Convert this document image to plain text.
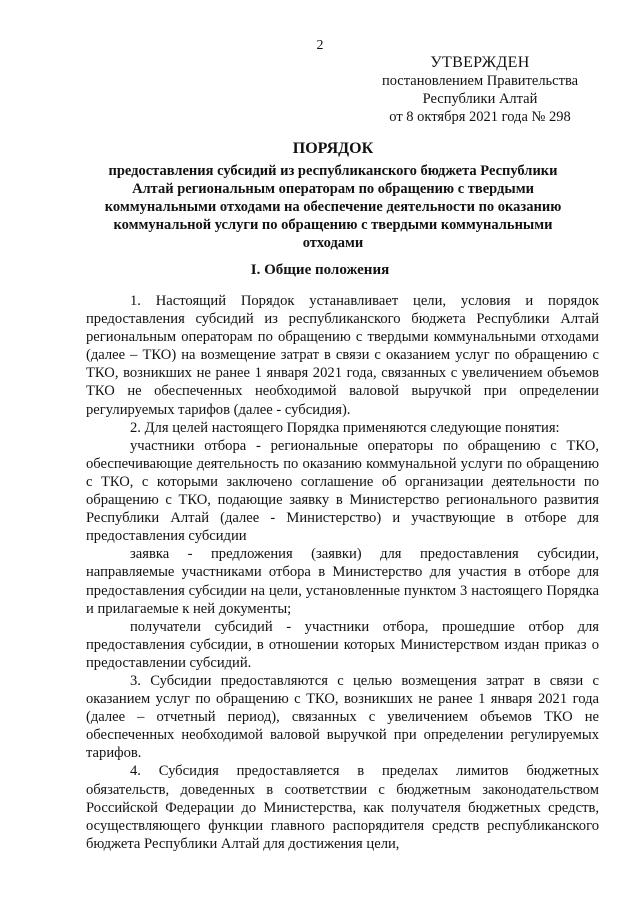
2
УТВЕРЖДЕН
постановлением Правительства
Республики Алтай
от 8 октября 2021 года № 298
ПОРЯДОК
предоставления субсидий из республиканского бюджета Республики Алтай региональным операторам по обращению с твердыми коммунальными отходами на обеспечение деятельности по оказанию коммунальной услуги по обращению с твердыми коммунальными отходами
I. Общие положения

1. Настоящий Порядок устанавливает цели, условия и порядок предоставления субсидий из республиканского бюджета Республики Алтай региональным операторам по обращению с твердыми коммунальными отходами (далее – ТКО) на возмещение затрат в связи с оказанием услуг по обращению с ТКО, возникших не ранее 1 января 2021 года, связанных с увеличением объемов ТКО не обеспеченных необходимой валовой выручкой при определении регулируемых тарифов (далее - субсидия).

2. Для целей настоящего Порядка применяются следующие понятия:

участники отбора - региональные операторы по обращению с ТКО, обеспечивающие деятельность по оказанию коммунальной услуги по обращению с ТКО, с которыми заключено соглашение об организации деятельности по обращению с ТКО, подающие заявку в Министерство регионального развития Республики Алтай (далее - Министерство) и участвующие в отборе для предоставления субсидии

заявка - предложения (заявки) для предоставления субсидии, направляемые участниками отбора в Министерство для участия в отборе для предоставления субсидии на цели, установленные пунктом 3 настоящего Порядка и прилагаемые к ней документы;

получатели субсидий - участники отбора, прошедшие отбор для предоставления субсидии, в отношении которых Министерством издан приказ о предоставлении субсидий.

3. Субсидии предоставляются с целью возмещения затрат в связи с оказанием услуг по обращению с ТКО, возникших не ранее 1 января 2021 года (далее – отчетный период), связанных с увеличением объемов ТКО не обеспеченных необходимой валовой выручкой при определении регулируемых тарифов.

4. Субсидия предоставляется в пределах лимитов бюджетных обязательств, доведенных в соответствии с бюджетным законодательством Российской Федерации до Министерства, как получателя бюджетных средств, осуществляющего функции главного распорядителя средств республиканского бюджета Республики Алтай для достижения цели,
